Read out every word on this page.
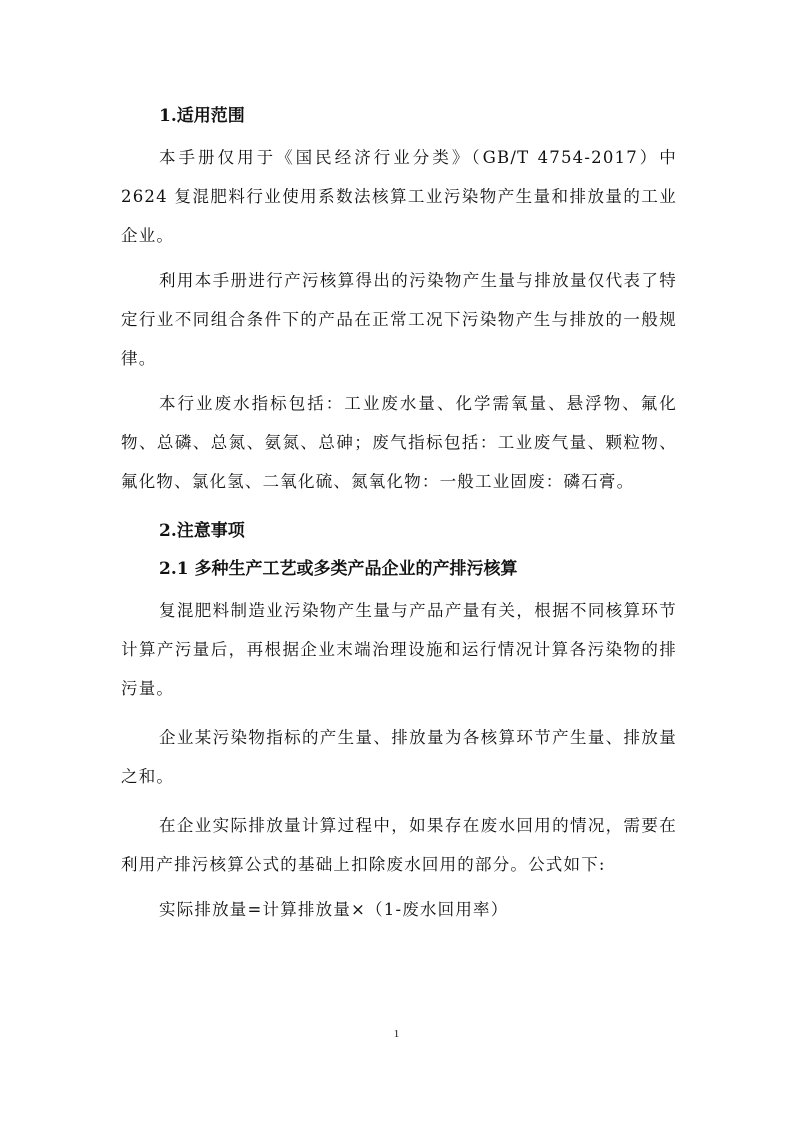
1.适用范围

本手册仅用于《国民经济行业分类》（GB/T 4754-2017）中 2624 复混肥料行业使用系数法核算工业污染物产生量和排放量的工业企业。

利用本手册进行产污核算得出的污染物产生量与排放量仅代表了特定行业不同组合条件下的产品在正常工况下污染物产生与排放的一般规律。

本行业废水指标包括：工业废水量、化学需氧量、悬浮物、氟化物、总磷、总氮、氨氮、总砷；废气指标包括：工业废气量、颗粒物、氟化物、氯化氢、二氧化硫、氮氧化物：一般工业固废：磷石膏。

2.注意事项

2.1 多种生产工艺或多类产品企业的产排污核算

复混肥料制造业污染物产生量与产品产量有关，根据不同核算环节计算产污量后，再根据企业末端治理设施和运行情况计算各污染物的排污量。

企业某污染物指标的产生量、排放量为各核算环节产生量、排放量之和。

在企业实际排放量计算过程中，如果存在废水回用的情况，需要在利用产排污核算公式的基础上扣除废水回用的部分。公式如下:

实际排放量=计算排放量×（1-废水回用率）

1
